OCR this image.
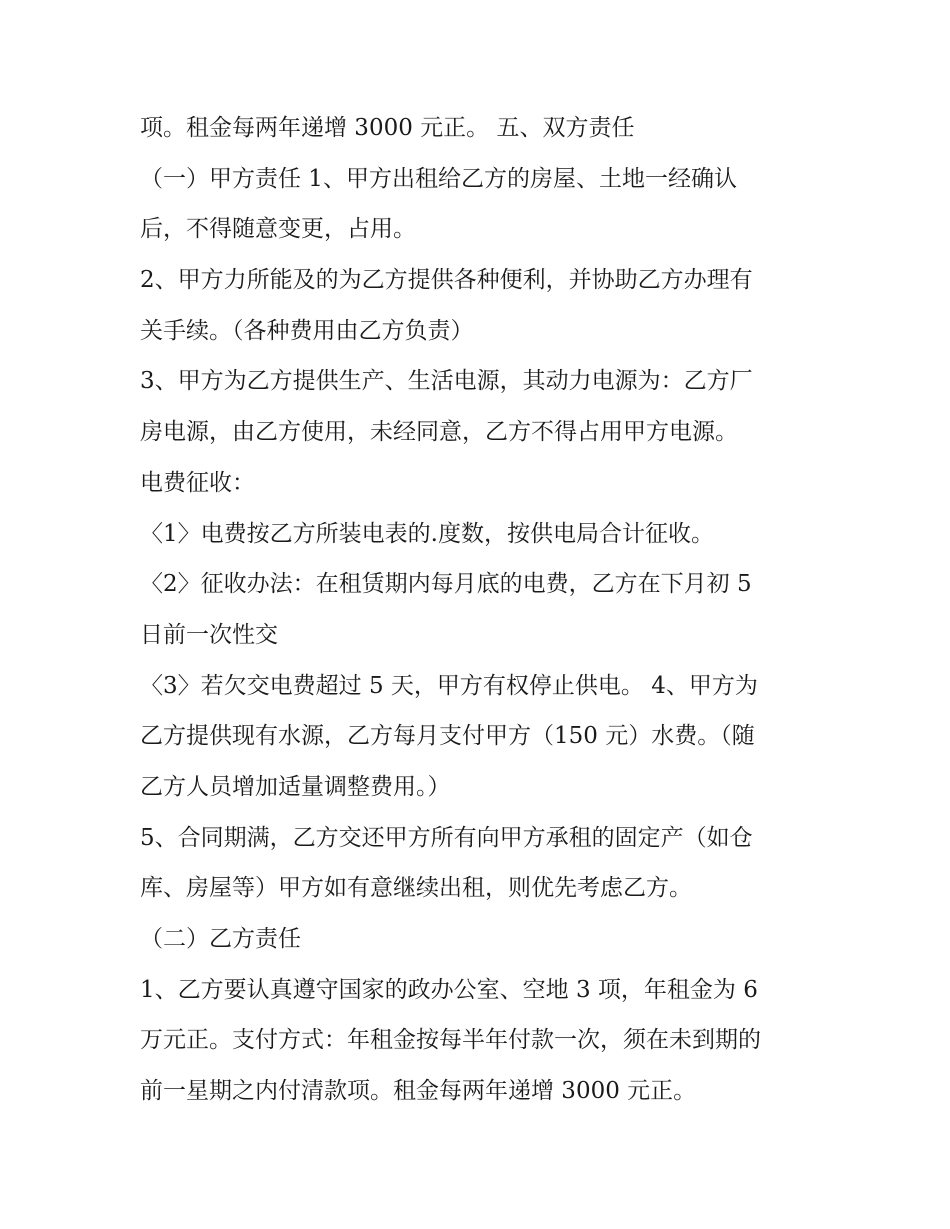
项。租金每两年递增 3000 元正。 五、双方责任
（一）甲方责任 1、甲方出租给乙方的房屋、土地一经确认
后，不得随意变更，占用。
2、甲方力所能及的为乙方提供各种便利，并协助乙方办理有
关手续。（各种费用由乙方负责）
3、甲方为乙方提供生产、生活电源，其动力电源为：乙方厂
房电源，由乙方使用，未经同意，乙方不得占用甲方电源。
电费征收：
〈1〉电费按乙方所装电表的.度数，按供电局合计征收。
〈2〉征收办法：在租赁期内每月底的电费，乙方在下月初 5
日前一次性交
〈3〉若欠交电费超过 5 天，甲方有权停止供电。 4、甲方为
乙方提供现有水源，乙方每月支付甲方（150 元）水费。（随
乙方人员增加适量调整费用。）
5、合同期满，乙方交还甲方所有向甲方承租的固定产（如仓
库、房屋等）甲方如有意继续出租，则优先考虑乙方。
（二）乙方责任
1、乙方要认真遵守国家的政办公室、空地 3 项，年租金为 6
万元正。支付方式：年租金按每半年付款一次，须在未到期的
前一星期之内付清款项。租金每两年递增 3000 元正。
